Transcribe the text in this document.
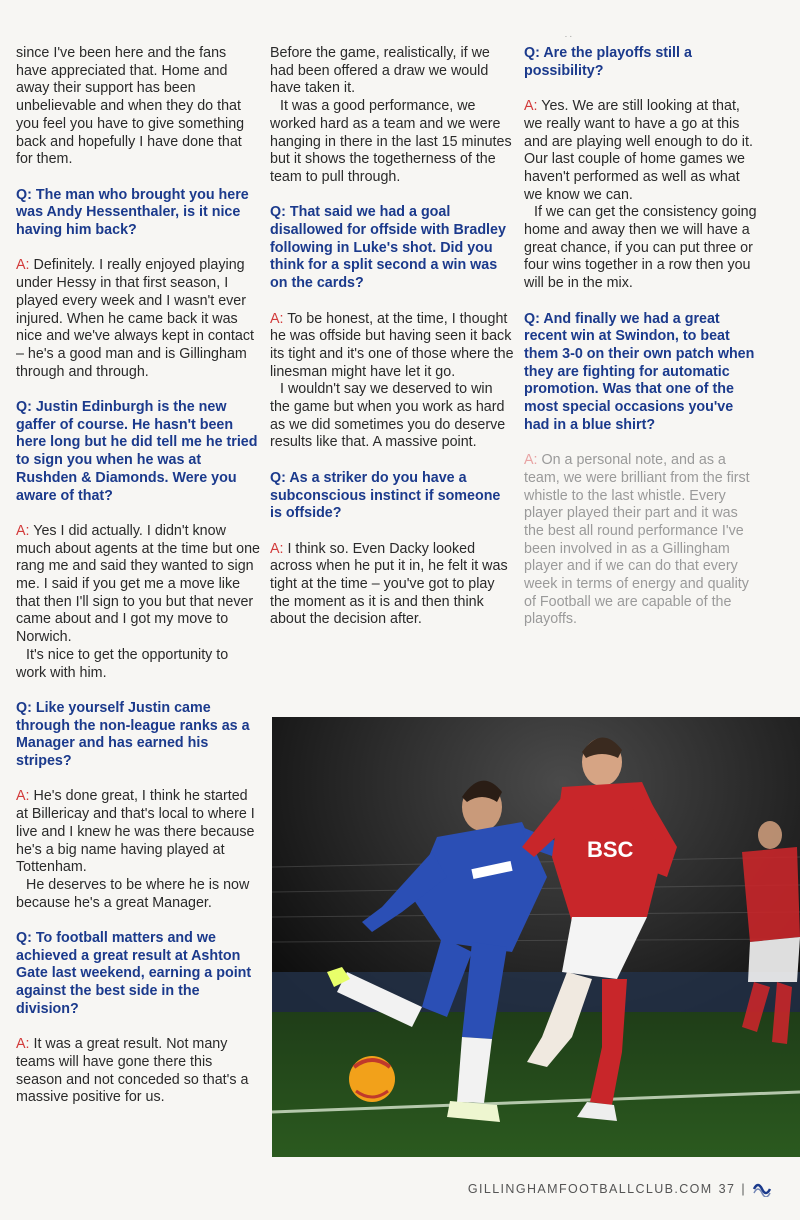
˙ ˙
since I've been here and the fans have appreciated that. Home and away their support has been unbelievable and when they do that you feel you have to give something back and hopefully I have done that for them.
Q: The man who brought you here was Andy Hessenthaler, is it nice having him back?
A: Definitely. I really enjoyed playing under Hessy in that first season, I played every week and I wasn't ever injured. When he came back it was nice and we've always kept in contact – he's a good man and is Gillingham through and through.
Q: Justin Edinburgh is the new gaffer of course. He hasn't been here long but he did tell me he tried to sign you when he was at Rushden & Diamonds. Were you aware of that?
A: Yes I did actually. I didn't know much about agents at the time but one rang me and said they wanted to sign me. I said if you get me a move like that then I'll sign to you but that never came about and I got my move to Norwich.
It's nice to get the opportunity to work with him.
Q: Like yourself Justin came through the non-league ranks as a Manager and has earned his stripes?
A: He's done great, I think he started at Billericay and that's local to where I live and I knew he was there because he's a big name having played at Tottenham.
He deserves to be where he is now because he's a great Manager.
Q: To football matters and we achieved a great result at Ashton Gate last weekend, earning a point against the best side in the division?
A: It was a great result. Not many teams will have gone there this season and not conceded so that's a massive positive for us.
Before the game, realistically, if we had been offered a draw we would have taken it.
It was a good performance, we worked hard as a team and we were hanging in there in the last 15 minutes but it shows the togetherness of the team to pull through.
Q: That said we had a goal disallowed for offside with Bradley following in Luke's shot. Did you think for a split second a win was on the cards?
A: To be honest, at the time, I thought he was offside but having seen it back its tight and it's one of those where the linesman might have let it go.
I wouldn't say we deserved to win the game but when you work as hard as we did sometimes you do deserve results like that. A massive point.
Q: As a striker do you have a subconscious instinct if someone is offside?
A: I think so. Even Dacky looked across when he put it in, he felt it was tight at the time – you've got to play the moment as it is and then think about the decision after.
Q: Are the playoffs still a possibility?
A: Yes. We are still looking at that, we really want to have a go at this and are playing well enough to do it. Our last couple of home games we haven't performed as well as what we know we can.
If we can get the consistency going home and away then we will have a great chance, if you can put three or four wins together in a row then you will be in the mix.
Q: And finally we had a great recent win at Swindon, to beat them 3-0 on their own patch when they are fighting for automatic promotion. Was that one of the most special occasions you've had in a blue shirt?
A: On a personal note, and as a team, we were brilliant from the first whistle to the last whistle. Every player played their part and it was the best all round performance I've been involved in as a Gillingham player and if we can do that every week in terms of energy and quality of Football we are capable of the playoffs.
BSC
GILLINGHAMFOOTBALLCLUB.COM 37 |
